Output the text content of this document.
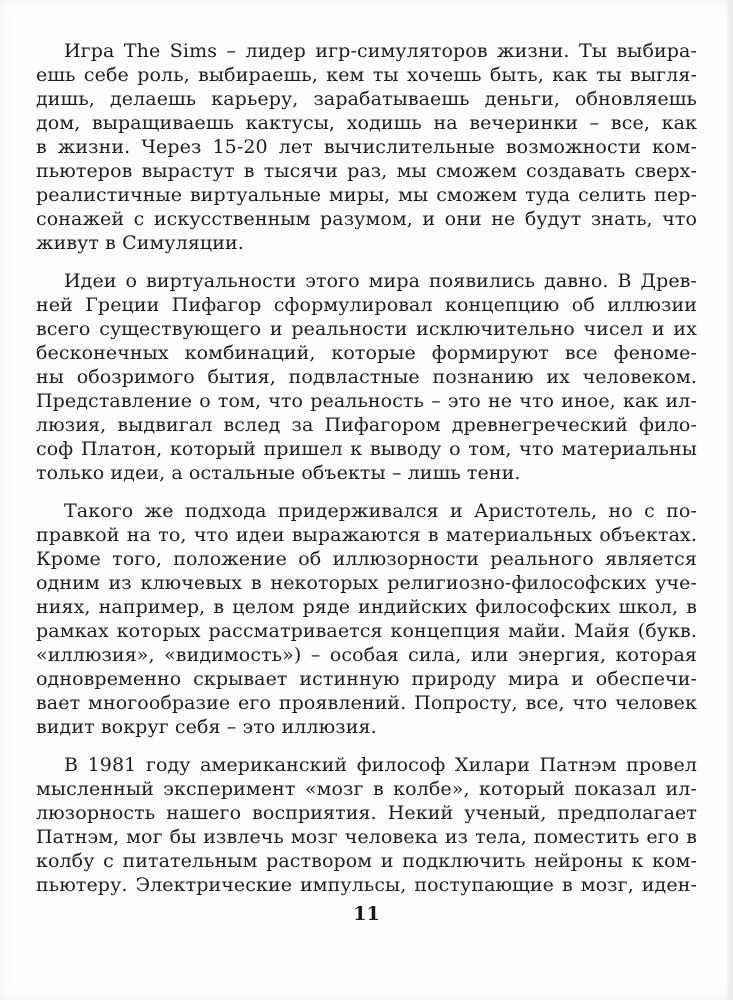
Игра The Sims – лидер игр-симуляторов жизни. Ты выбира-
ешь себе роль, выбираешь, кем ты хочешь быть, как ты выгля-
дишь, делаешь карьеру, зарабатываешь деньги, обновляешь
дом, выращиваешь кактусы, ходишь на вечеринки – все, как
в жизни. Через 15-20 лет вычислительные возможности ком-
пьютеров вырастут в тысячи раз, мы сможем создавать сверх-
реалистичные виртуальные миры, мы сможем туда селить пер-
сонажей с искусственным разумом, и они не будут знать, что
живут в Симуляции.
Идеи о виртуальности этого мира появились давно. В Древ-
ней Греции Пифагор сформулировал концепцию об иллюзии
всего существующего и реальности исключительно чисел и их
бесконечных комбинаций, которые формируют все феноме-
ны обозримого бытия, подвластные познанию их человеком.
Представление о том, что реальность – это не что иное, как ил-
люзия, выдвигал вслед за Пифагором древнегреческий фило-
соф Платон, который пришел к выводу о том, что материальны
только идеи, а остальные объекты – лишь тени.
Такого же подхода придерживался и Аристотель, но с по-
правкой на то, что идеи выражаются в материальных объектах.
Кроме того, положение об иллюзорности реального является
одним из ключевых в некоторых религиозно-философских уче-
ниях, например, в целом ряде индийских философских школ, в
рамках которых рассматривается концепция майи. Майя (букв.
«иллюзия», «видимость») – особая сила, или энергия, которая
одновременно скрывает истинную природу мира и обеспечи-
вает многообразие его проявлений. Попросту, все, что человек
видит вокруг себя – это иллюзия.
В 1981 году американский философ Хилари Патнэм провел
мысленный эксперимент «мозг в колбе», который показал ил-
люзорность нашего восприятия. Некий ученый, предполагает
Патнэм, мог бы извлечь мозг человека из тела, поместить его в
колбу с питательным раствором и подключить нейроны к ком-
пьютеру. Электрические импульсы, поступающие в мозг, иден-
11
